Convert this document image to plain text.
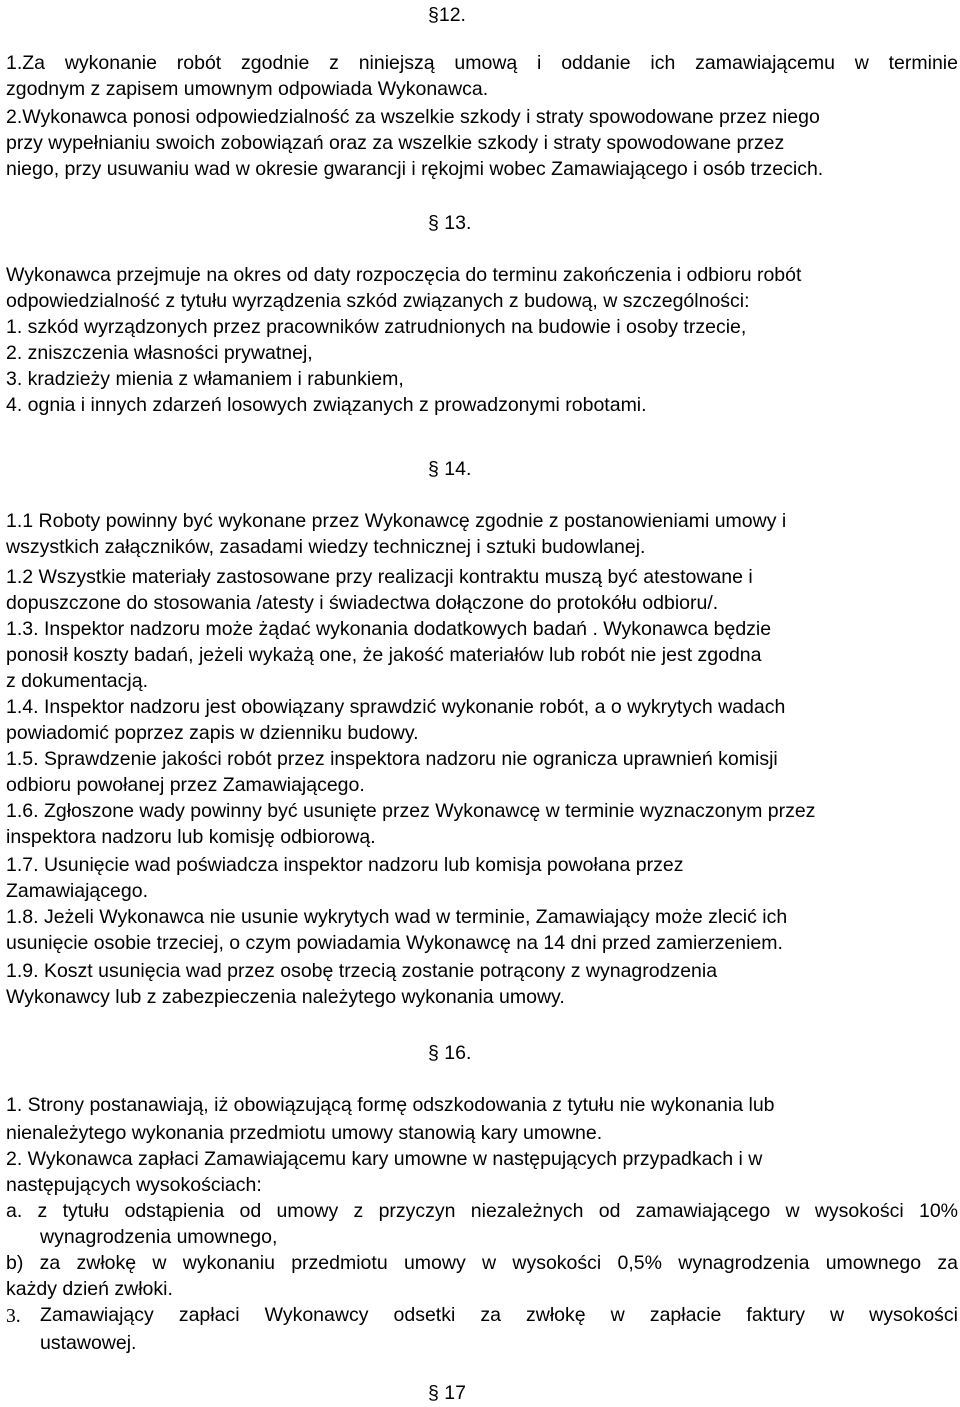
§12.
1.Za wykonanie robót zgodnie z niniejszą umową i oddanie ich zamawiającemu w terminie
zgodnym z zapisem umownym odpowiada Wykonawca.
2.Wykonawca ponosi odpowiedzialność za wszelkie szkody i straty spowodowane przez niego
przy wypełnianiu swoich zobowiązań oraz za wszelkie szkody i straty spowodowane przez
niego, przy usuwaniu wad w okresie gwarancji i rękojmi wobec Zamawiającego i osób trzecich.
§ 13.
Wykonawca przejmuje na okres od daty rozpoczęcia do terminu zakończenia i odbioru robót
odpowiedzialność z tytułu wyrządzenia szkód związanych z budową, w szczególności:
1. szkód wyrządzonych przez pracowników zatrudnionych na budowie i osoby trzecie,
2. zniszczenia własności prywatnej,
3. kradzieży mienia z włamaniem i rabunkiem,
4. ognia i innych zdarzeń losowych związanych z prowadzonymi robotami.
§ 14.
1.1 Roboty powinny być wykonane przez Wykonawcę zgodnie z postanowieniami umowy i
wszystkich załączników, zasadami wiedzy technicznej i sztuki budowlanej.
1.2 Wszystkie materiały zastosowane przy realizacji kontraktu muszą być atestowane i
dopuszczone do stosowania /atesty i świadectwa dołączone do protokółu odbioru/.
1.3. Inspektor nadzoru może żądać wykonania dodatkowych badań . Wykonawca będzie
ponosił koszty badań, jeżeli wykażą one, że jakość materiałów lub robót nie jest zgodna
z dokumentacją.
1.4. Inspektor nadzoru jest obowiązany sprawdzić wykonanie robót, a o wykrytych wadach
powiadomić poprzez zapis w dzienniku budowy.
1.5. Sprawdzenie jakości robót przez inspektora nadzoru nie ogranicza uprawnień komisji
odbioru powołanej przez Zamawiającego.
1.6. Zgłoszone wady powinny być usunięte przez Wykonawcę w terminie wyznaczonym przez
inspektora nadzoru lub komisję odbiorową.
1.7. Usunięcie wad poświadcza inspektor nadzoru lub komisja powołana przez
Zamawiającego.
1.8. Jeżeli Wykonawca nie usunie wykrytych wad w terminie, Zamawiający może zlecić ich
usunięcie osobie trzeciej, o czym powiadamia Wykonawcę na 14 dni przed zamierzeniem.
1.9. Koszt usunięcia wad przez osobę trzecią zostanie potrącony z wynagrodzenia
Wykonawcy lub z zabezpieczenia należytego wykonania umowy.
§ 16.
1. Strony postanawiają, iż obowiązującą formę odszkodowania z tytułu nie wykonania lub
nienależytego wykonania przedmiotu umowy stanowią kary umowne.
2. Wykonawca zapłaci Zamawiającemu kary umowne w następujących przypadkach i w
następujących wysokościach:
a. z tytułu odstąpienia od umowy z przyczyn niezależnych od zamawiającego w wysokości 10%
wynagrodzenia umownego,
b) za zwłokę w wykonaniu przedmiotu umowy w wysokości 0,5% wynagrodzenia umownego za
każdy dzień zwłoki.
3. Zamawiający zapłaci Wykonawcy odsetki za zwłokę w zapłacie faktury w wysokości
ustawowej.
§ 17
